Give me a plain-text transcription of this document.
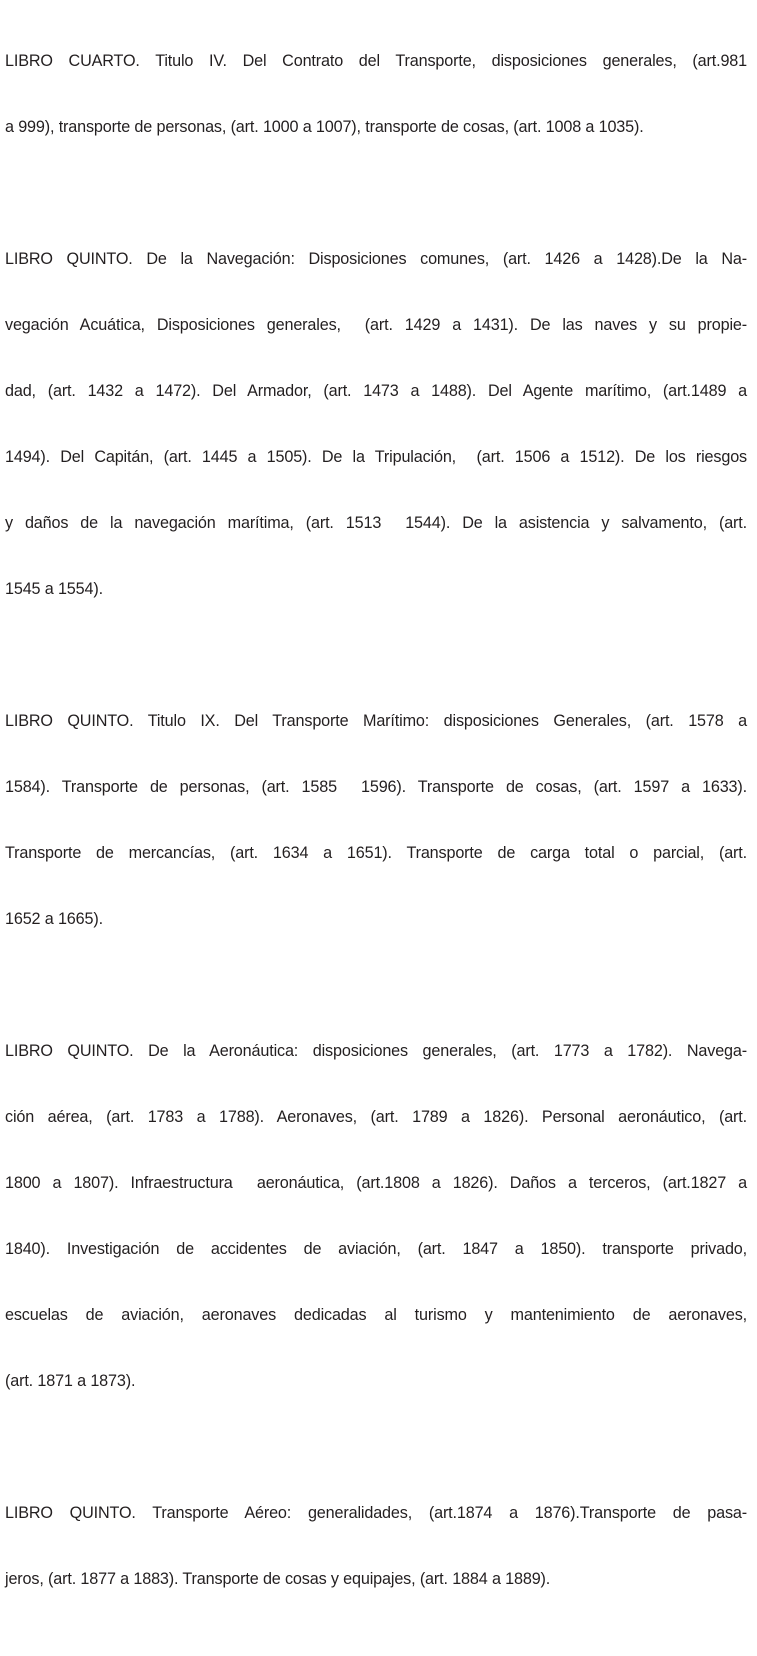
LIBRO CUARTO. Titulo IV. Del Contrato del Transporte, disposiciones generales, (art.981

a 999), transporte de personas, (art. 1000 a 1007), transporte de cosas, (art. 1008 a 1035).

LIBRO QUINTO. De la Navegación: Disposiciones comunes, (art. 1426 a 1428).De la Na-

vegación Acuática, Disposiciones generales,  (art. 1429 a 1431). De las naves y su propie-

dad, (art. 1432 a 1472). Del Armador, (art. 1473 a 1488). Del Agente marítimo, (art.1489 a

1494). Del Capitán, (art. 1445 a 1505). De la Tripulación,  (art. 1506 a 1512). De los riesgos

y daños de la navegación marítima, (art. 1513  1544). De la asistencia y salvamento, (art.

1545 a 1554).

LIBRO QUINTO. Titulo IX. Del Transporte Marítimo: disposiciones Generales, (art. 1578 a

1584). Transporte de personas, (art. 1585  1596). Transporte de cosas, (art. 1597 a 1633).

Transporte de mercancías, (art. 1634 a 1651). Transporte de carga total o parcial, (art.

1652 a 1665).

LIBRO QUINTO. De la Aeronáutica: disposiciones generales, (art. 1773 a 1782). Navega-

ción aérea, (art. 1783 a 1788). Aeronaves, (art. 1789 a 1826). Personal aeronáutico, (art.

1800 a 1807). Infraestructura  aeronáutica, (art.1808 a 1826). Daños a terceros, (art.1827 a

1840). Investigación de accidentes de aviación, (art. 1847 a 1850). transporte privado,

escuelas de aviación, aeronaves dedicadas al turismo y mantenimiento de aeronaves,

(art. 1871 a 1873).

LIBRO QUINTO. Transporte Aéreo: generalidades, (art.1874 a 1876).Transporte de pasa-

jeros, (art. 1877 a 1883). Transporte de cosas y equipajes, (art. 1884 a 1889).
